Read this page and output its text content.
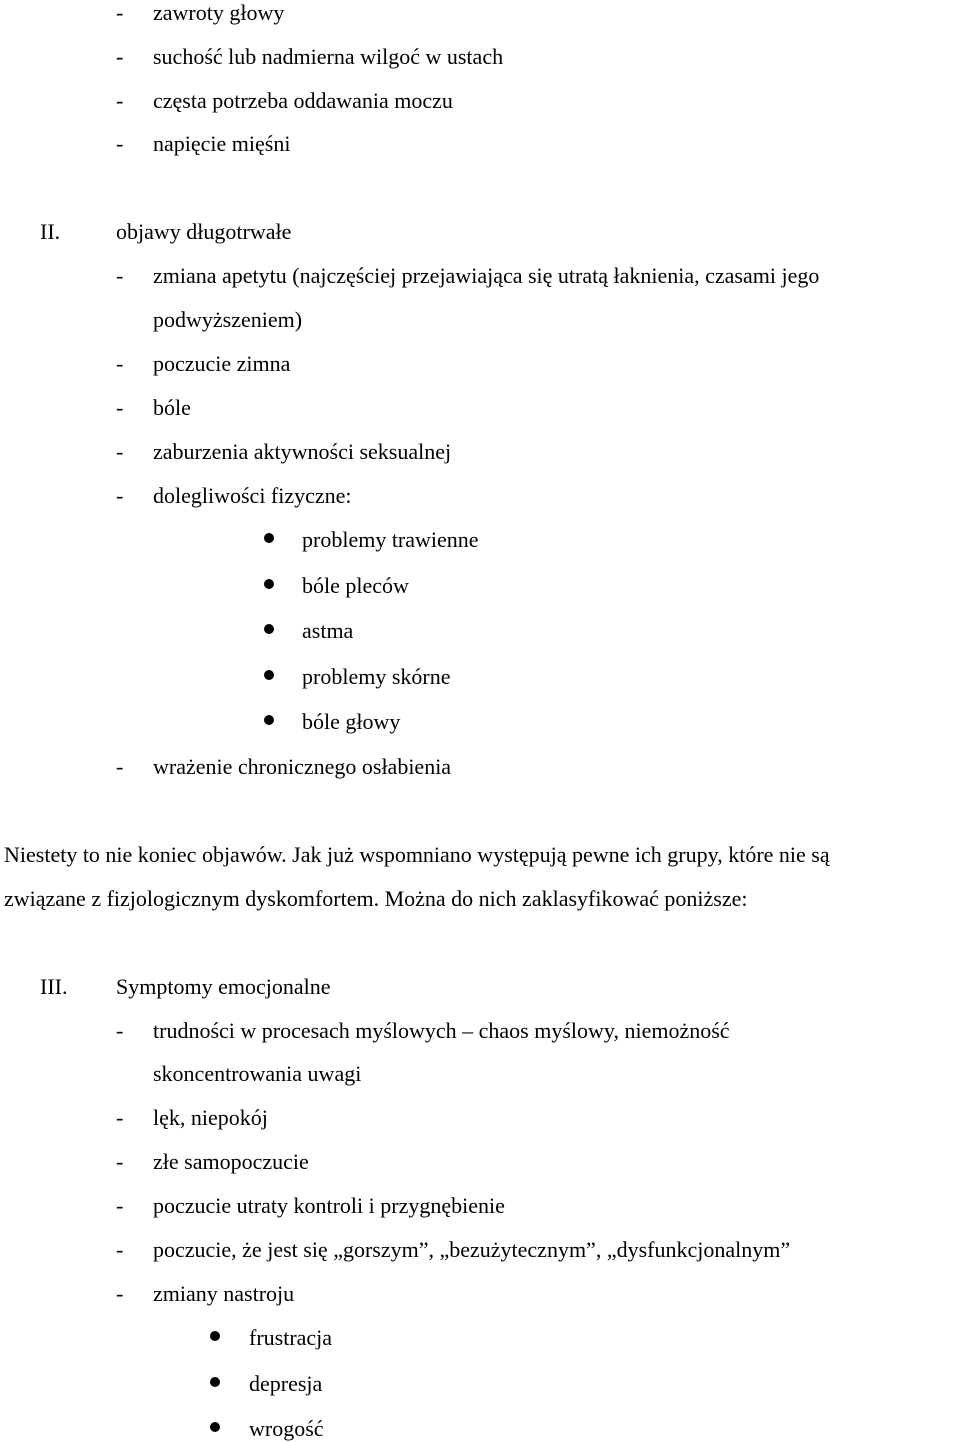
- zawroty głowy
- suchość lub nadmierna wilgoć w ustach
- częsta potrzeba oddawania moczu
- napięcie mięśni
II.	objawy długotrwałe
- zmiana apetytu (najczęściej przejawiająca się utratą łaknienia, czasami jego
podwyższeniem)
- poczucie zimna
- bóle
- zaburzenia aktywności seksualnej
- dolegliwości fizyczne:
problemy trawienne
bóle pleców
astma
problemy skórne
bóle głowy
- wrażenie chronicznego osłabienia
Niestety to nie koniec objawów. Jak już wspomniano występują pewne ich grupy, które nie są
związane z fizjologicznym dyskomfortem. Można do nich zaklasyfikować poniższe:
III. Symptomy emocjonalne
- trudności w procesach myślowych – chaos myślowy, niemożność
skoncentrowania uwagi
- lęk, niepokój
- złe samopoczucie
- poczucie utraty kontroli i przygnębienie
- poczucie, że jest się „gorszym”, „bezużytecznym”, „dysfunkcjonalnym”
- zmiany nastroju
frustracja
depresja
wrogość
